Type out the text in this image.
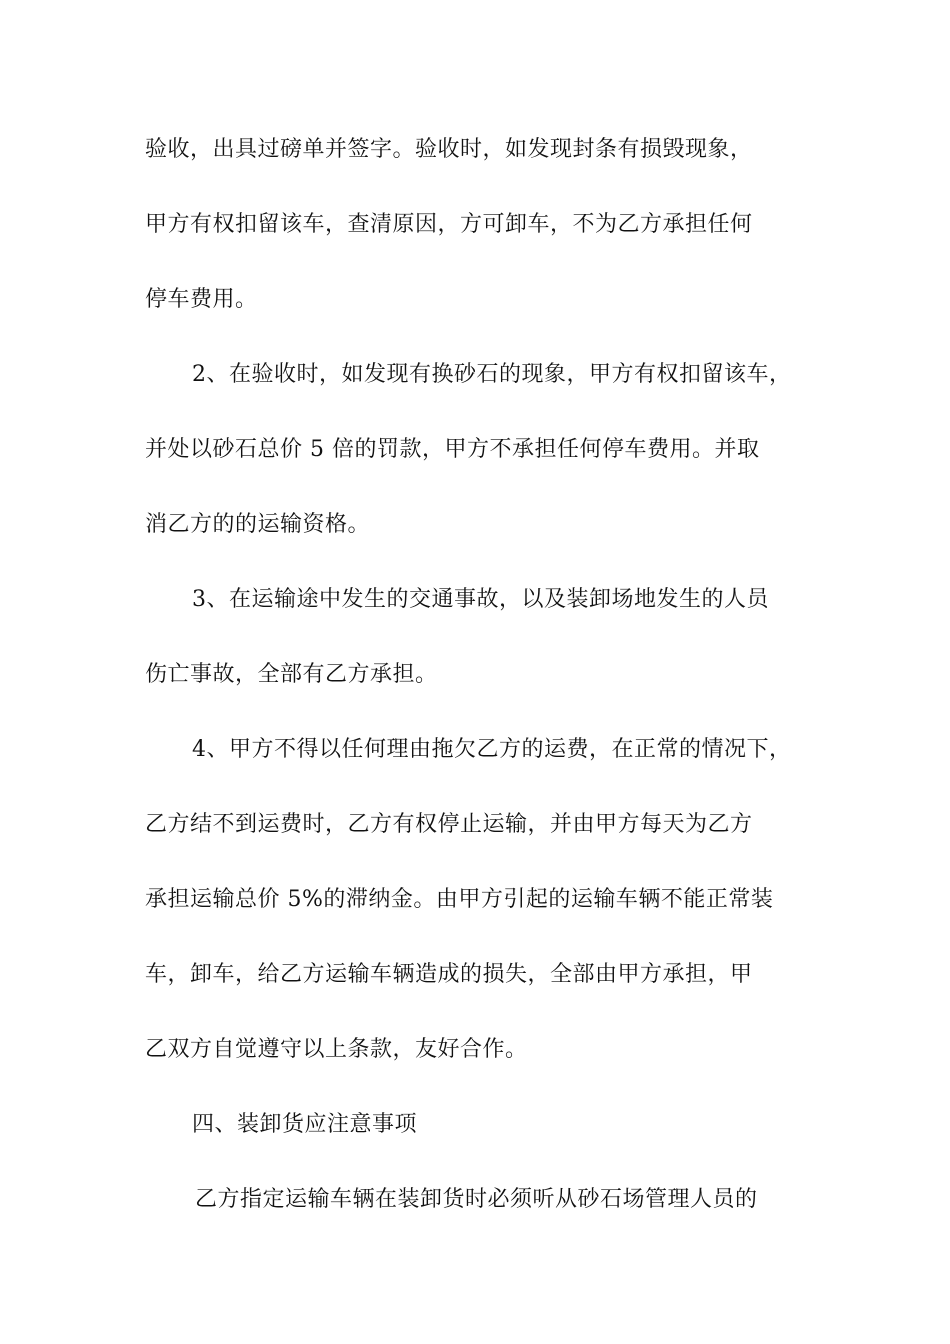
验收，出具过磅单并签字。验收时，如发现封条有损毁现象，
甲方有权扣留该车，查清原因，方可卸车，不为乙方承担任何
停车费用。
2、在验收时，如发现有换砂石的现象，甲方有权扣留该车，
并处以砂石总价 5 倍的罚款，甲方不承担任何停车费用。并取
消乙方的的运输资格。
3、在运输途中发生的交通事故，以及装卸场地发生的人员
伤亡事故，全部有乙方承担。
4、甲方不得以任何理由拖欠乙方的运费，在正常的情况下，
乙方结不到运费时，乙方有权停止运输，并由甲方每天为乙方
承担运输总价 5%的滞纳金。由甲方引起的运输车辆不能正常装
车，卸车，给乙方运输车辆造成的损失，全部由甲方承担，甲
乙双方自觉遵守以上条款，友好合作。
四、装卸货应注意事项
乙方指定运输车辆在装卸货时必须听从砂石场管理人员的
